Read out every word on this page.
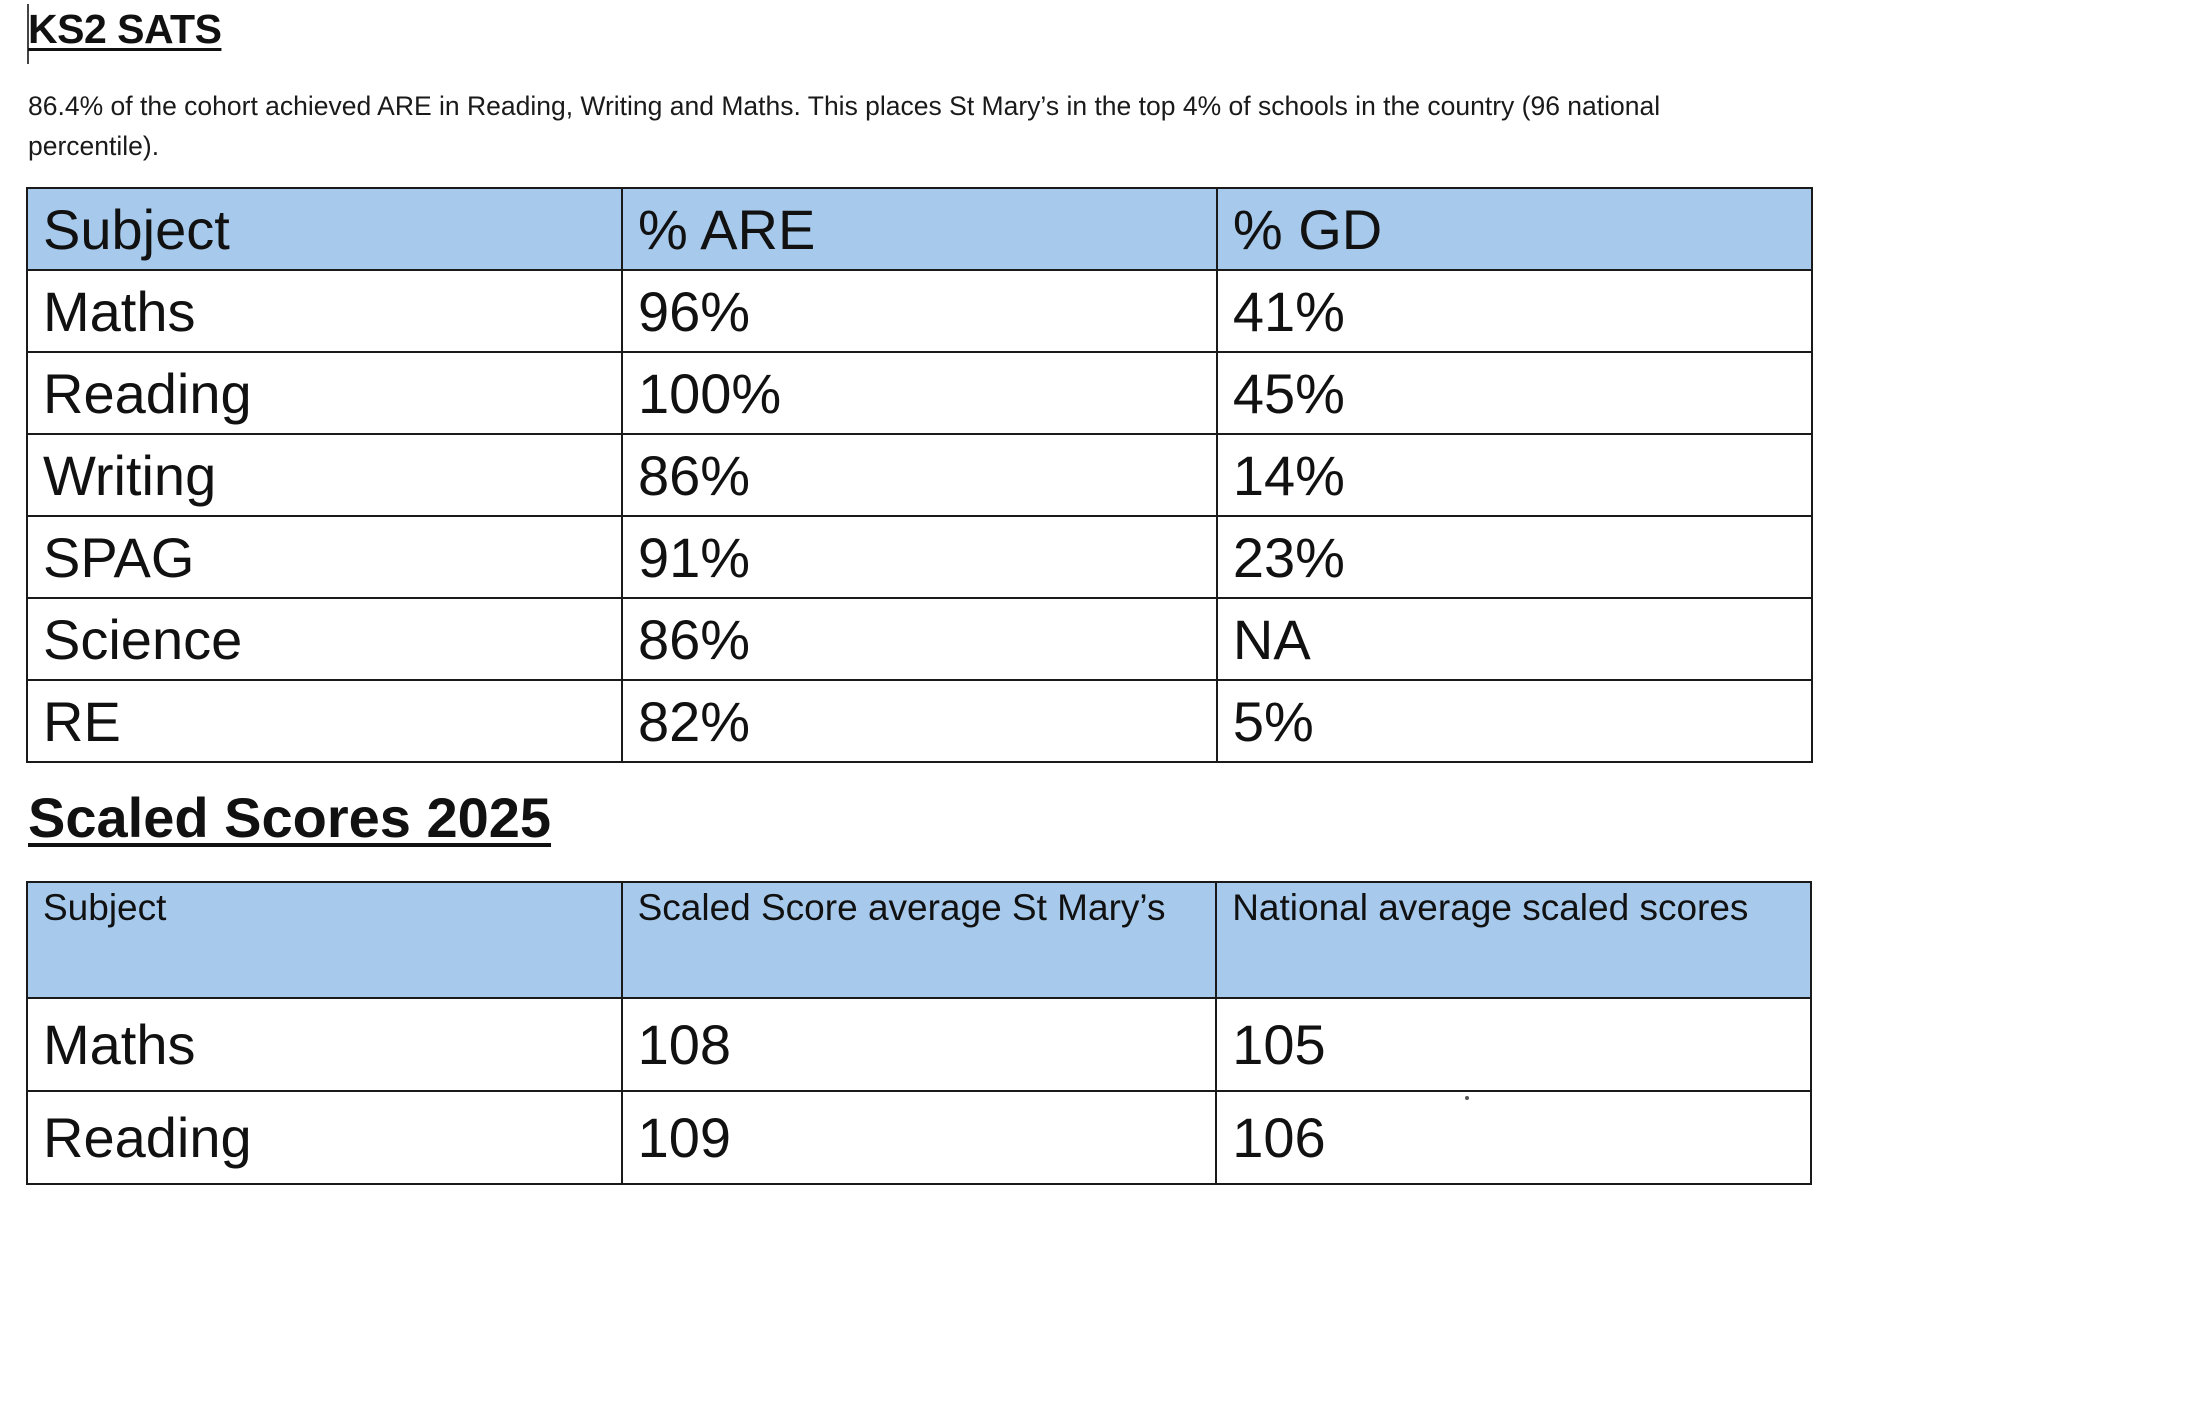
KS2 SATS

86.4% of the cohort achieved ARE in Reading, Writing and Maths. This places St Mary’s in the top 4% of schools in the country (96 national percentile).

Subject	% ARE	% GD
Maths	96%	41%
Reading	100%	45%
Writing	86%	14%
SPAG	91%	23%
Science	86%	NA
RE	82%	5%
Scaled Scores 2025
Subject	Scaled Score average St Mary’s	National average scaled scores
Maths	108	105
Reading	109	106
